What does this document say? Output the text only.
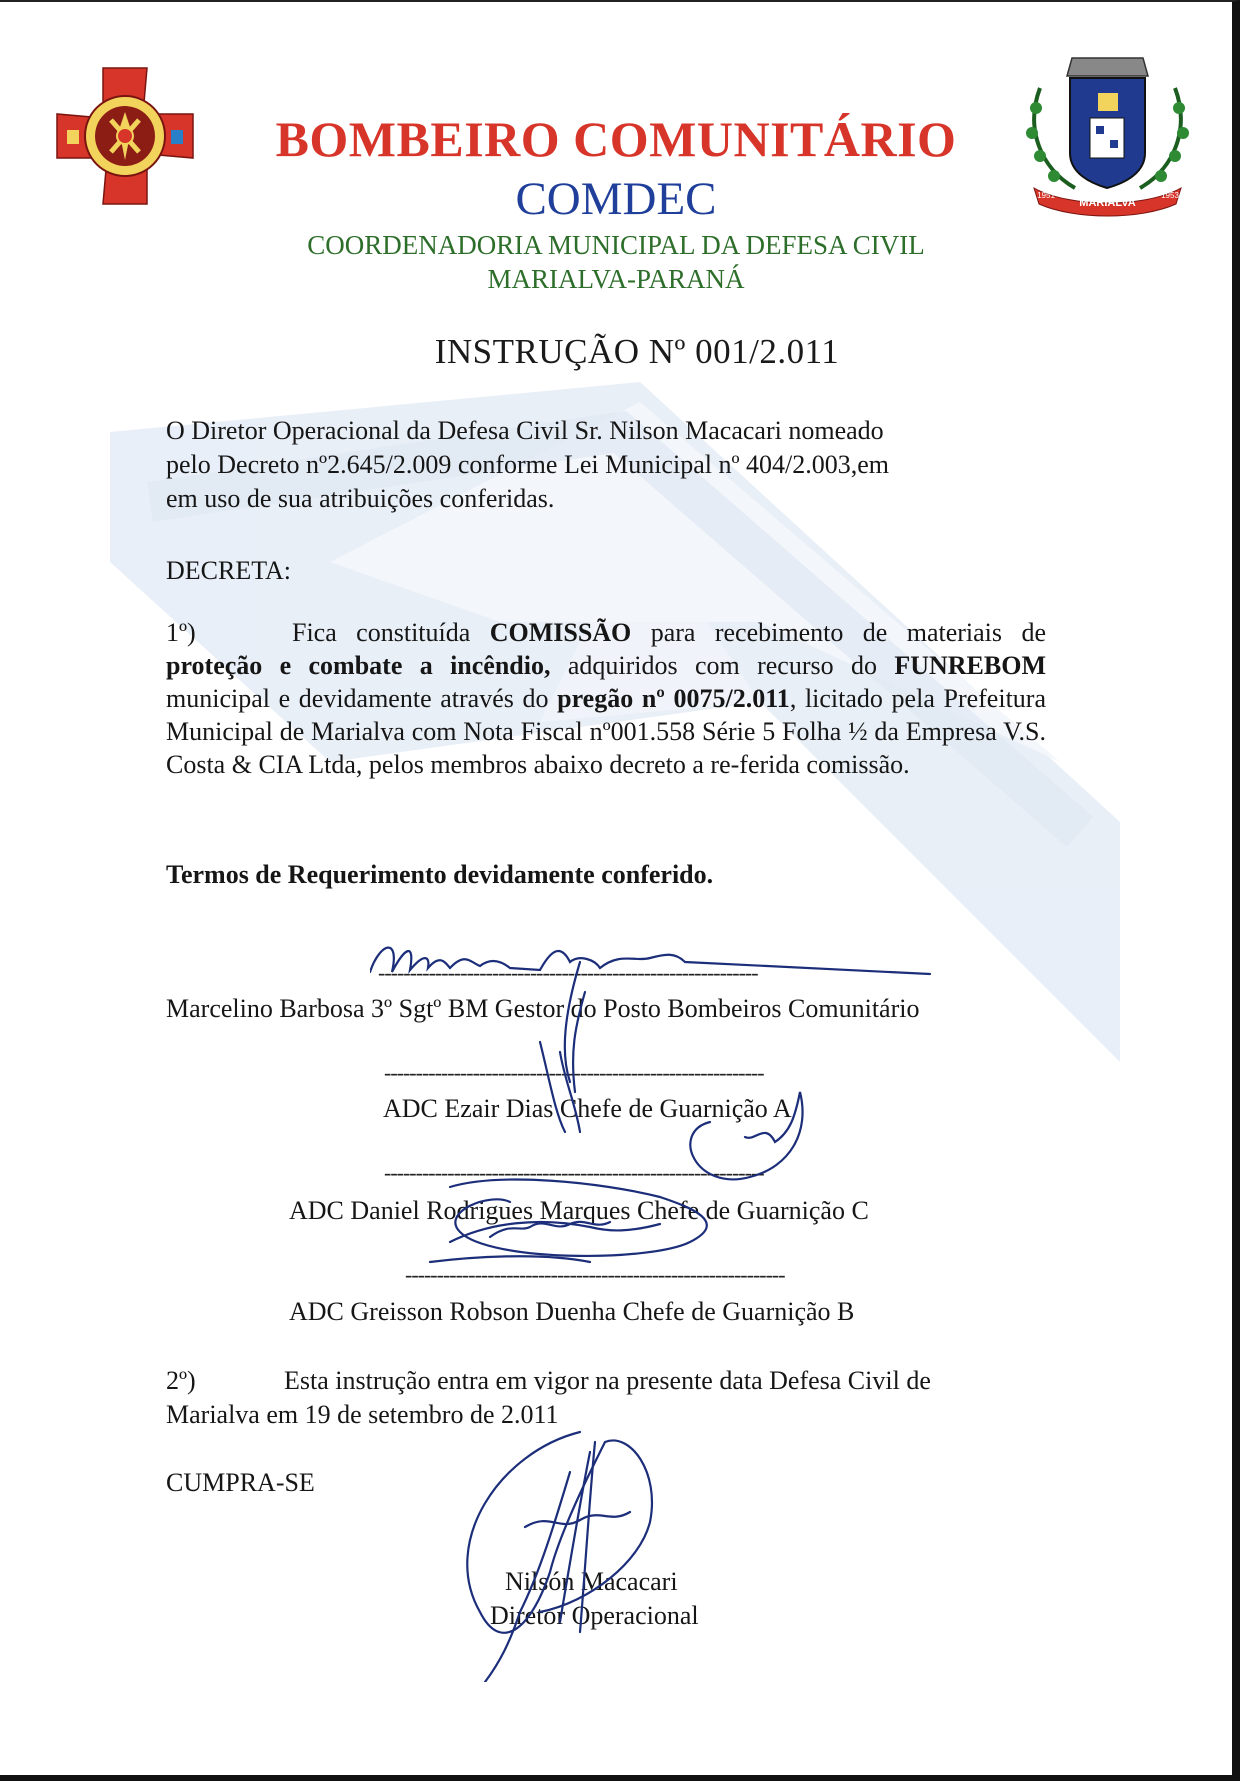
MARIALVA
1951	1953
BOMBEIRO COMUNITÁRIO
COMDEC
COORDENADORIA MUNICIPAL DA DEFESA CIVIL
MARIALVA-PARANÁ
INSTRUÇÃO Nº 001/2.011
O Diretor Operacional da Defesa Civil Sr. Nilson Macacari nomeado
pelo Decreto nº2.645/2.009 conforme Lei Municipal nº 404/2.003,em
em uso de sua atribuições conferidas.
DECRETA:
1º)	Fica constituída COMISSÃO para recebimento de materiais de proteção e combate a incêndio, adquiridos com recurso do FUNREBOM municipal e devidamente através do pregão nº 0075/2.011, licitado pela Prefeitura Municipal de Marialva com Nota Fiscal nº001.558 Série 5 Folha ½ da Empresa V.S. Costa & CIA Ltda, pelos membros abaixo decreto a re-ferida comissão.
Termos de Requerimento devidamente conferido.
------------------------------------------------------------
Marcelino Barbosa 3º Sgtº BM Gestor do Posto Bombeiros Comunitário
------------------------------------------------------------
ADC Ezair Dias Chefe de Guarnição A
------------------------------------------------------------
ADC Daniel Rodrigues Marques Chefe de Guarnição C
------------------------------------------------------------
ADC Greisson Robson Duenha Chefe de Guarnição B
2º)	Esta instrução entra em vigor na presente data Defesa Civil de
Marialva em 19 de setembro de 2.011
CUMPRA-SE
Nilsón Macacari
Diretor Operacional
